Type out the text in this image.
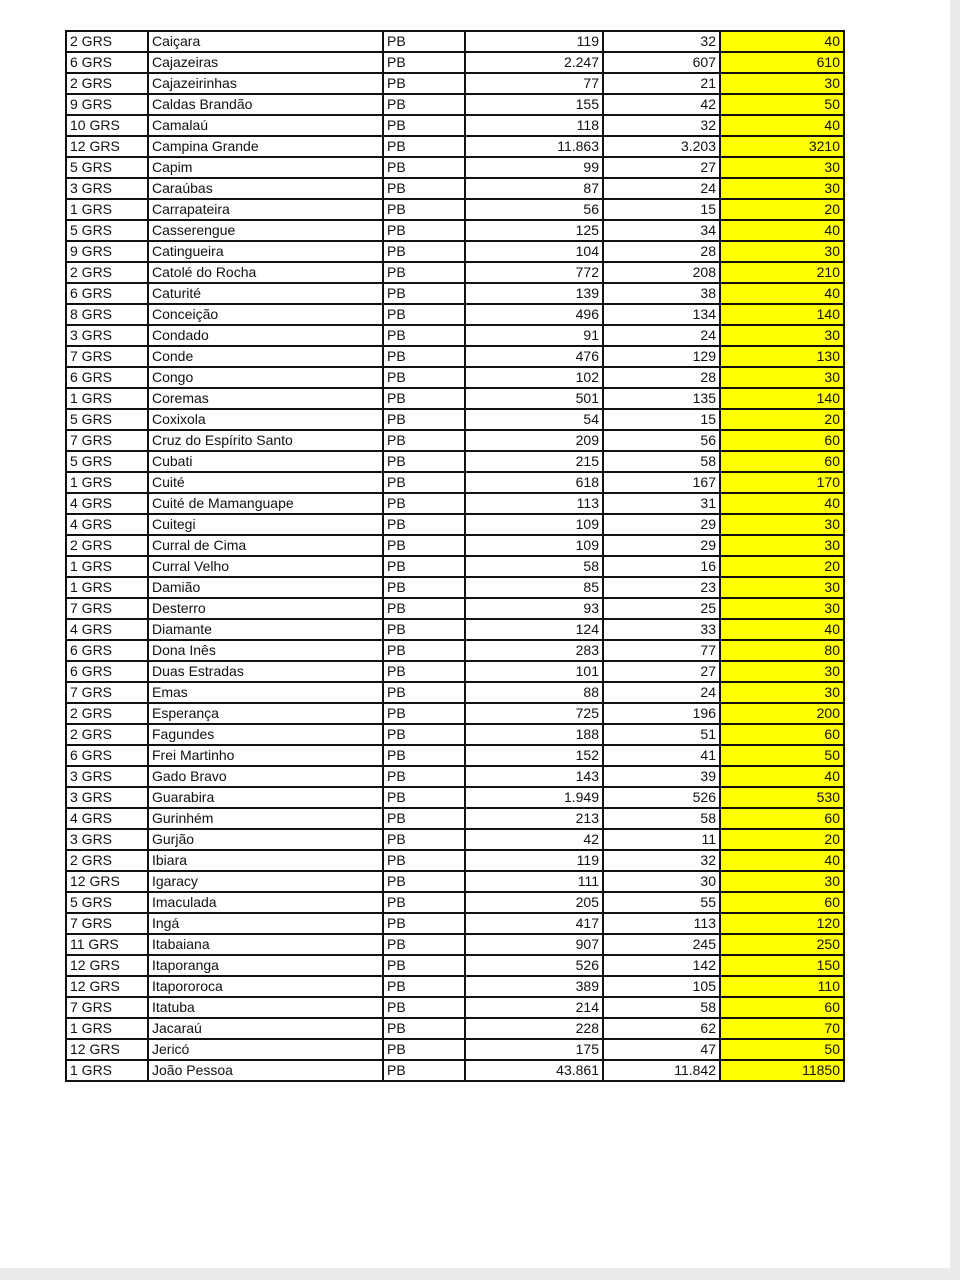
2 GRS	Caiçara	PB	119	32	40
6 GRS	Cajazeiras	PB	2.247	607	610
2 GRS	Cajazeirinhas	PB	77	21	30
9 GRS	Caldas Brandão	PB	155	42	50
10 GRS	Camalaú	PB	118	32	40
12 GRS	Campina Grande	PB	11.863	3.203	3210
5 GRS	Capim	PB	99	27	30
3 GRS	Caraúbas	PB	87	24	30
1 GRS	Carrapateira	PB	56	15	20
5 GRS	Casserengue	PB	125	34	40
9 GRS	Catingueira	PB	104	28	30
2 GRS	Catolé do Rocha	PB	772	208	210
6 GRS	Caturité	PB	139	38	40
8 GRS	Conceição	PB	496	134	140
3 GRS	Condado	PB	91	24	30
7 GRS	Conde	PB	476	129	130
6 GRS	Congo	PB	102	28	30
1 GRS	Coremas	PB	501	135	140
5 GRS	Coxixola	PB	54	15	20
7 GRS	Cruz do Espírito Santo	PB	209	56	60
5 GRS	Cubati	PB	215	58	60
1 GRS	Cuité	PB	618	167	170
4 GRS	Cuité de Mamanguape	PB	113	31	40
4 GRS	Cuitegi	PB	109	29	30
2 GRS	Curral de Cima	PB	109	29	30
1 GRS	Curral Velho	PB	58	16	20
1 GRS	Damião	PB	85	23	30
7 GRS	Desterro	PB	93	25	30
4 GRS	Diamante	PB	124	33	40
6 GRS	Dona Inês	PB	283	77	80
6 GRS	Duas Estradas	PB	101	27	30
7 GRS	Emas	PB	88	24	30
2 GRS	Esperança	PB	725	196	200
2 GRS	Fagundes	PB	188	51	60
6 GRS	Frei Martinho	PB	152	41	50
3 GRS	Gado Bravo	PB	143	39	40
3 GRS	Guarabira	PB	1.949	526	530
4 GRS	Gurinhém	PB	213	58	60
3 GRS	Gurjão	PB	42	11	20
2 GRS	Ibiara	PB	119	32	40
12 GRS	Igaracy	PB	111	30	30
5 GRS	Imaculada	PB	205	55	60
7 GRS	Ingá	PB	417	113	120
11 GRS	Itabaiana	PB	907	245	250
12 GRS	Itaporanga	PB	526	142	150
12 GRS	Itapororoca	PB	389	105	110
7 GRS	Itatuba	PB	214	58	60
1 GRS	Jacaraú	PB	228	62	70
12 GRS	Jericó	PB	175	47	50
1 GRS	João Pessoa	PB	43.861	11.842	11850
